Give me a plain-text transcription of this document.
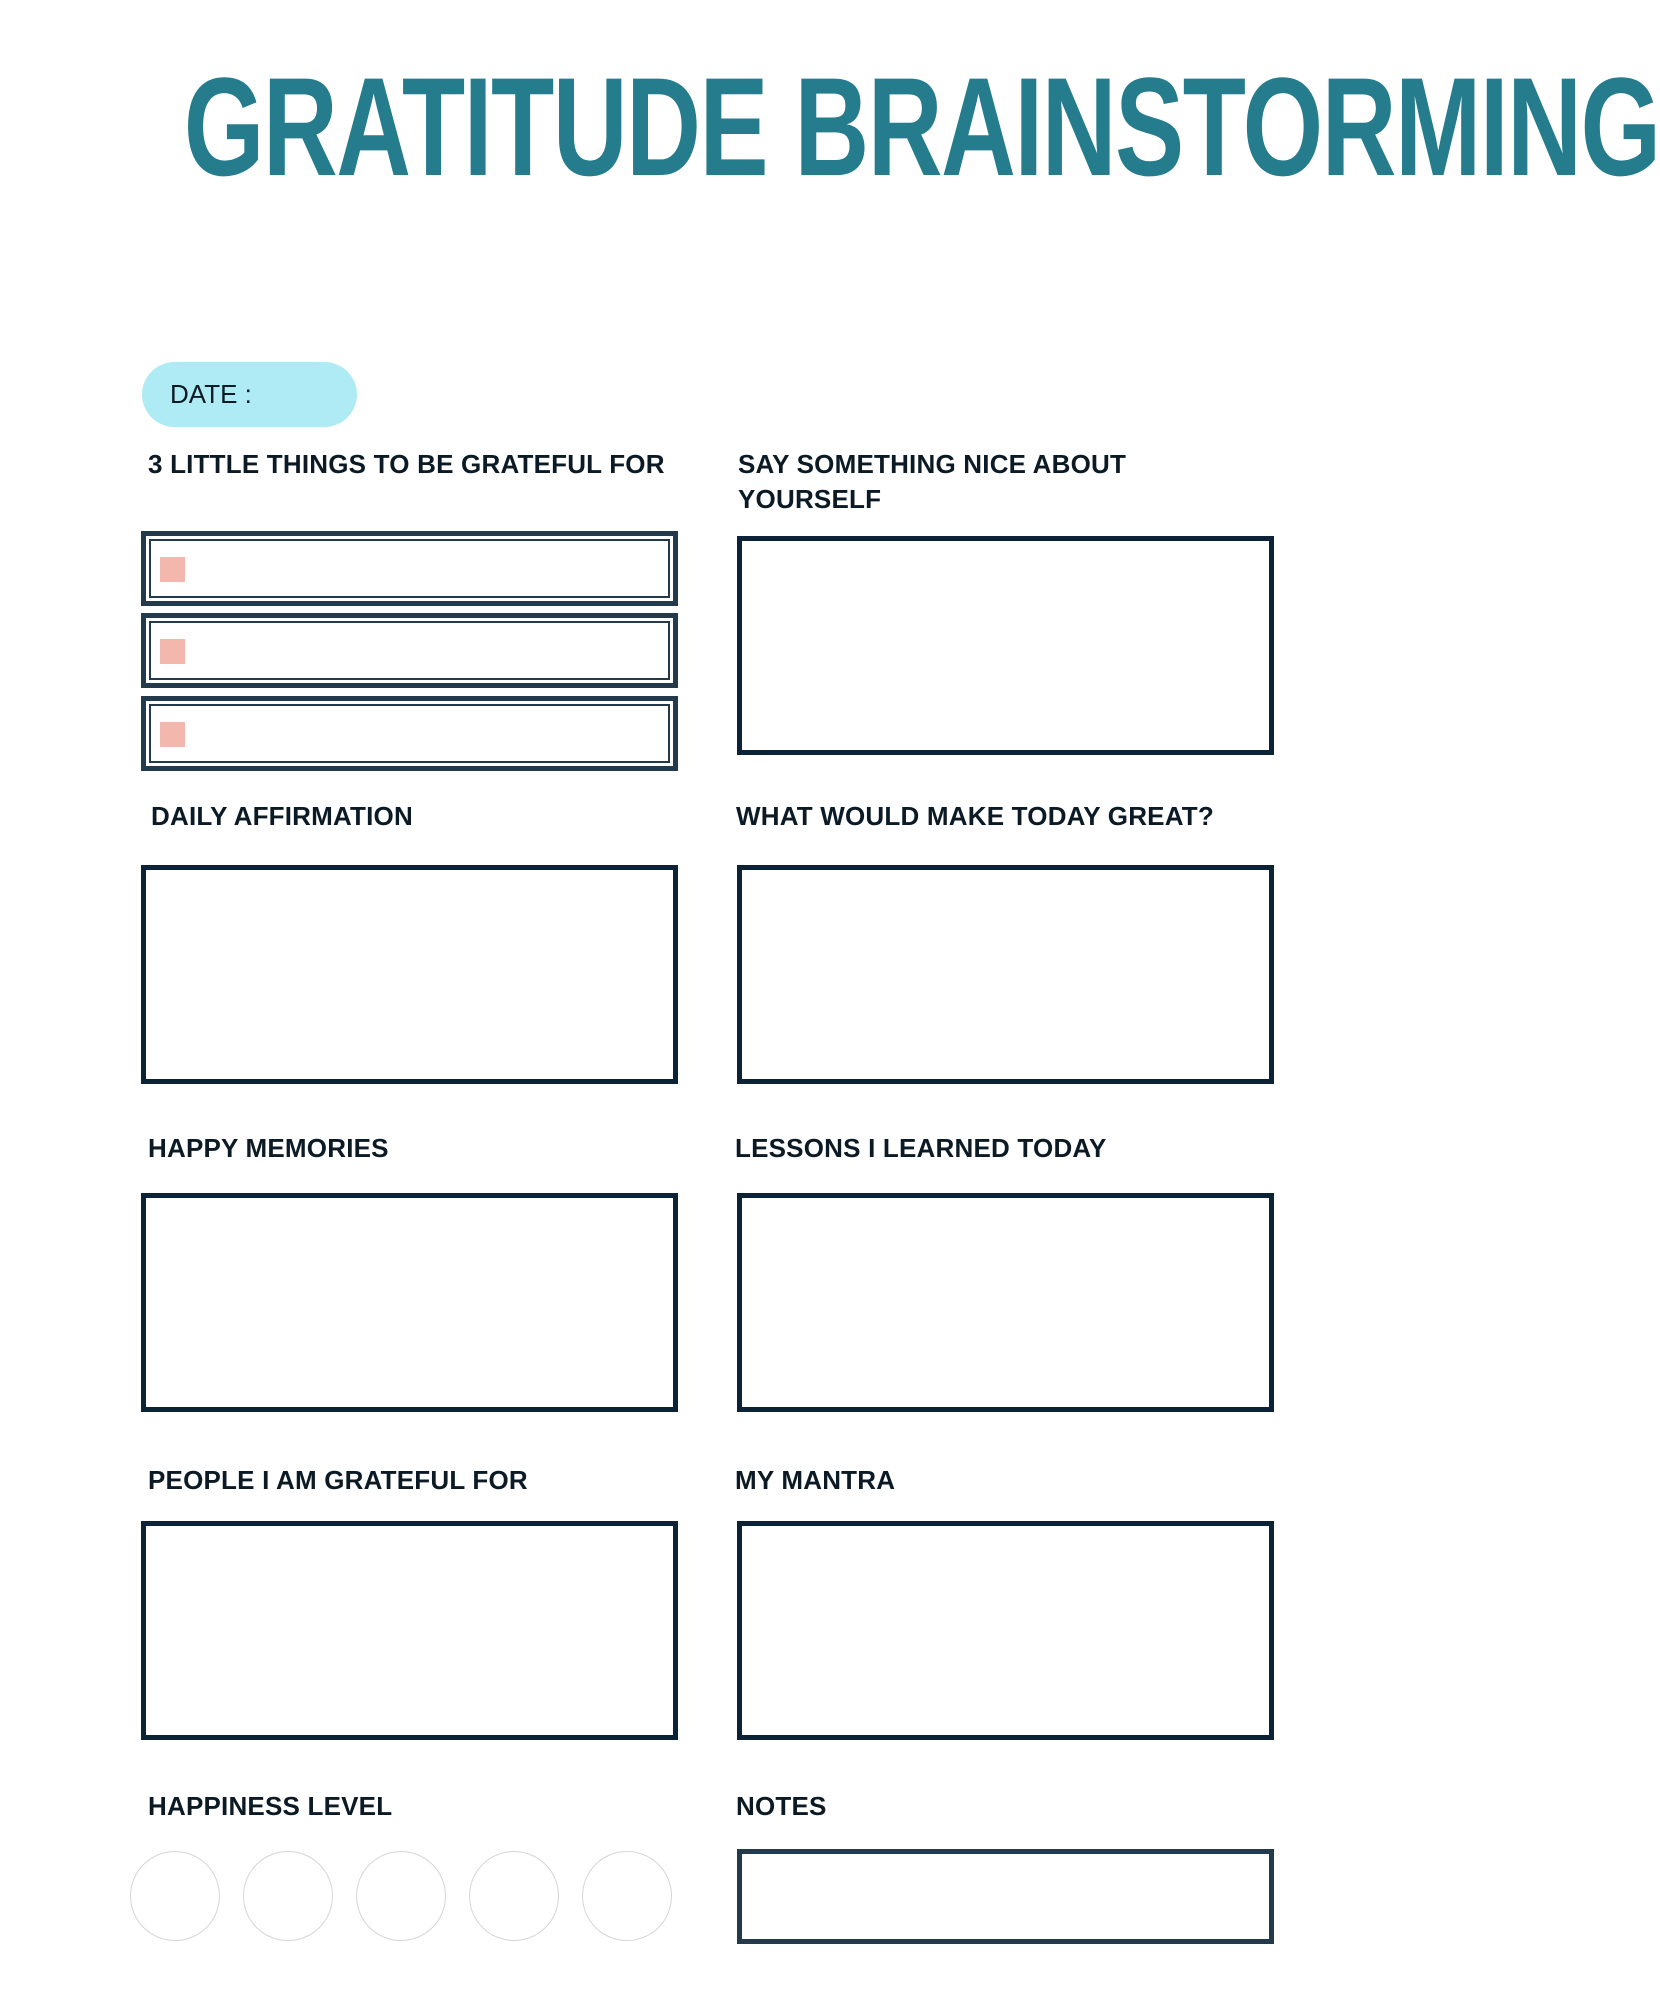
GRATITUDE BRAINSTORMING
DATE :
3 LITTLE THINGS TO BE GRATEFUL FOR	SAY SOMETHING NICE ABOUT
YOURSELF
DAILY AFFIRMATION	WHAT WOULD MAKE TODAY GREAT?
HAPPY MEMORIES	LESSONS I LEARNED TODAY
PEOPLE I AM GRATEFUL FOR	MY MANTRA
HAPPINESS LEVEL	NOTES
